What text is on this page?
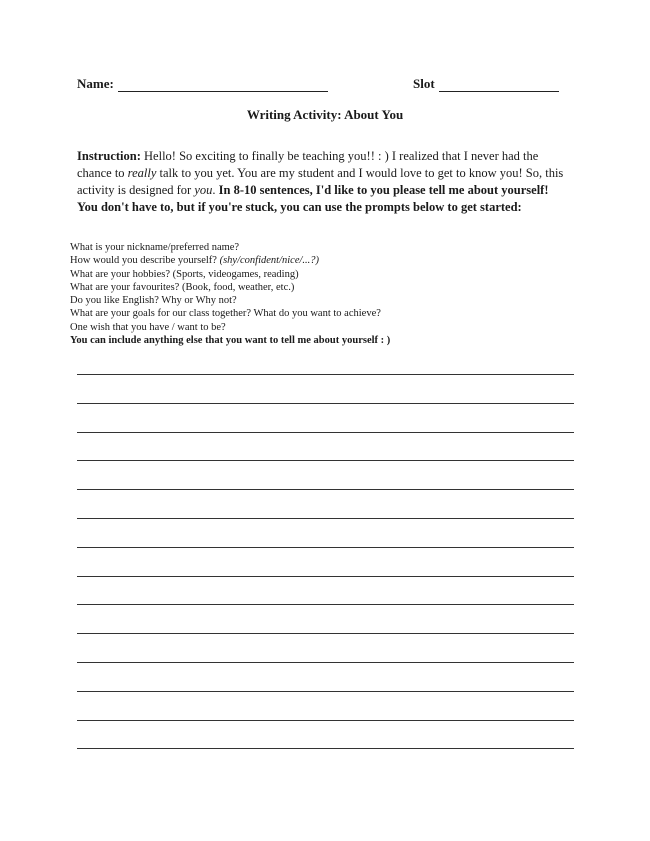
Name:	Slot
Writing Activity: About You
Instruction: Hello! So exciting to finally be teaching you!! : ) I realized that I never had the chance to really talk to you yet. You are my student and I would love to get to know you! So, this activity is designed for you. In 8-10 sentences, I'd like to you please tell me about yourself! You don't have to, but if you're stuck, you can use the prompts below to get started:
What is your nickname/preferred name?
How would you describe yourself? (shy/confident/nice/...?)
What are your hobbies? (Sports, videogames, reading)
What are your favourites? (Book, food, weather, etc.)
Do you like English? Why or Why not?
What are your goals for our class together? What do you want to achieve?
One wish that you have / want to be?
You can include anything else that you want to tell me about yourself : )
